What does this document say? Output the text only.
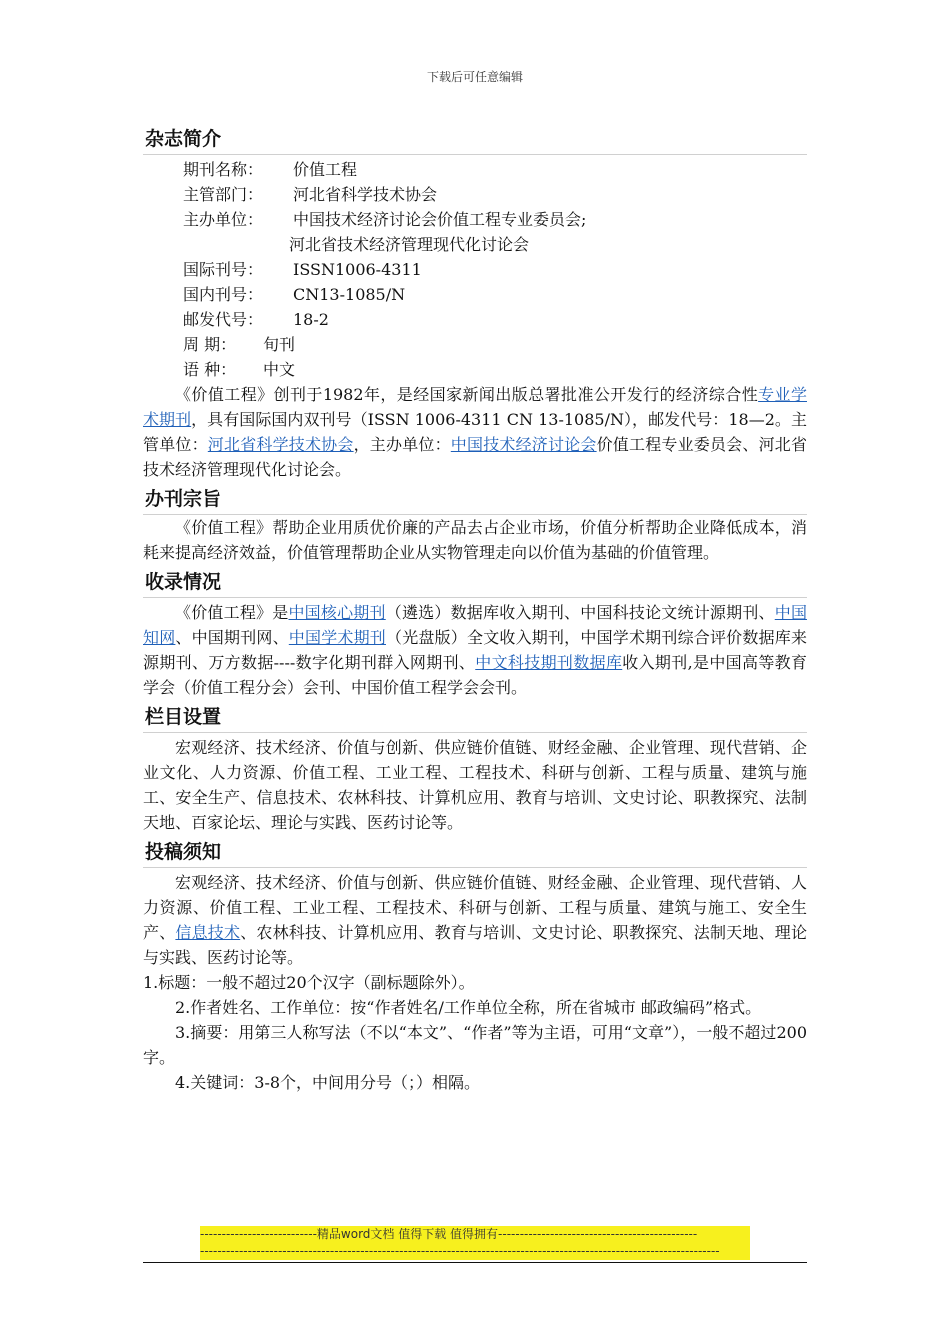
下载后可任意编辑
杂志简介
期刊名称： 价值工程
主管部门： 河北省科学技术协会
主办单位： 中国技术经济讨论会价值工程专业委员会;
河北省技术经济管理现代化讨论会
国际刊号： ISSN1006-4311
国内刊号： CN13-1085/N
邮发代号： 18-2
周 期： 旬刊
语 种： 中文

《价值工程》创刊于1982年，是经国家新闻出版总署批准公开发行的经济综合性专业学术期刊，具有国际国内双刊号（ISSN 1006-4311 CN 13-1085/N），邮发代号：18—2。主管单位：河北省科学技术协会，主办单位：中国技术经济讨论会价值工程专业委员会、河北省技术经济管理现代化讨论会。

办刊宗旨

《价值工程》帮助企业用质优价廉的产品去占企业市场，价值分析帮助企业降低成本，消耗来提高经济效益，价值管理帮助企业从实物管理走向以价值为基础的价值管理。

收录情况

《价值工程》是中国核心期刊（遴选）数据库收入期刊、中国科技论文统计源期刊、中国知网、中国期刊网、中国学术期刊（光盘版）全文收入期刊，中国学术期刊综合评价数据库来源期刊、万方数据----数字化期刊群入网期刊、中文科技期刊数据库收入期刊,是中国高等教育学会（价值工程分会）会刊、中国价值工程学会会刊。

栏目设置

宏观经济、技术经济、价值与创新、供应链价值链、财经金融、企业管理、现代营销、企业文化、人力资源、价值工程、工业工程、工程技术、科研与创新、工程与质量、建筑与施工、安全生产、信息技术、农林科技、计算机应用、教育与培训、文史讨论、职教探究、法制天地、百家论坛、理论与实践、医药讨论等。

投稿须知

宏观经济、技术经济、价值与创新、供应链价值链、财经金融、企业管理、现代营销、人力资源、价值工程、工业工程、工程技术、科研与创新、工程与质量、建筑与施工、安全生产、信息技术、农林科技、计算机应用、教育与培训、文史讨论、职教探究、法制天地、理论与实践、医药讨论等。

1.标题：一般不超过20个汉字（副标题除外）。

2.作者姓名、工作单位：按“作者姓名/工作单位全称，所在省城市 邮政编码”格式。

3.摘要：用第三人称写法（不以“本文”、“作者”等为主语，可用“文章”），一般不超过200 字。

4.关键词：3-8个，中间用分号（；）相隔。

---------------------------精品word文档 值得下载 值得拥有----------------------------------------------
------------------------------------------------------------------------------------------------------------------------
